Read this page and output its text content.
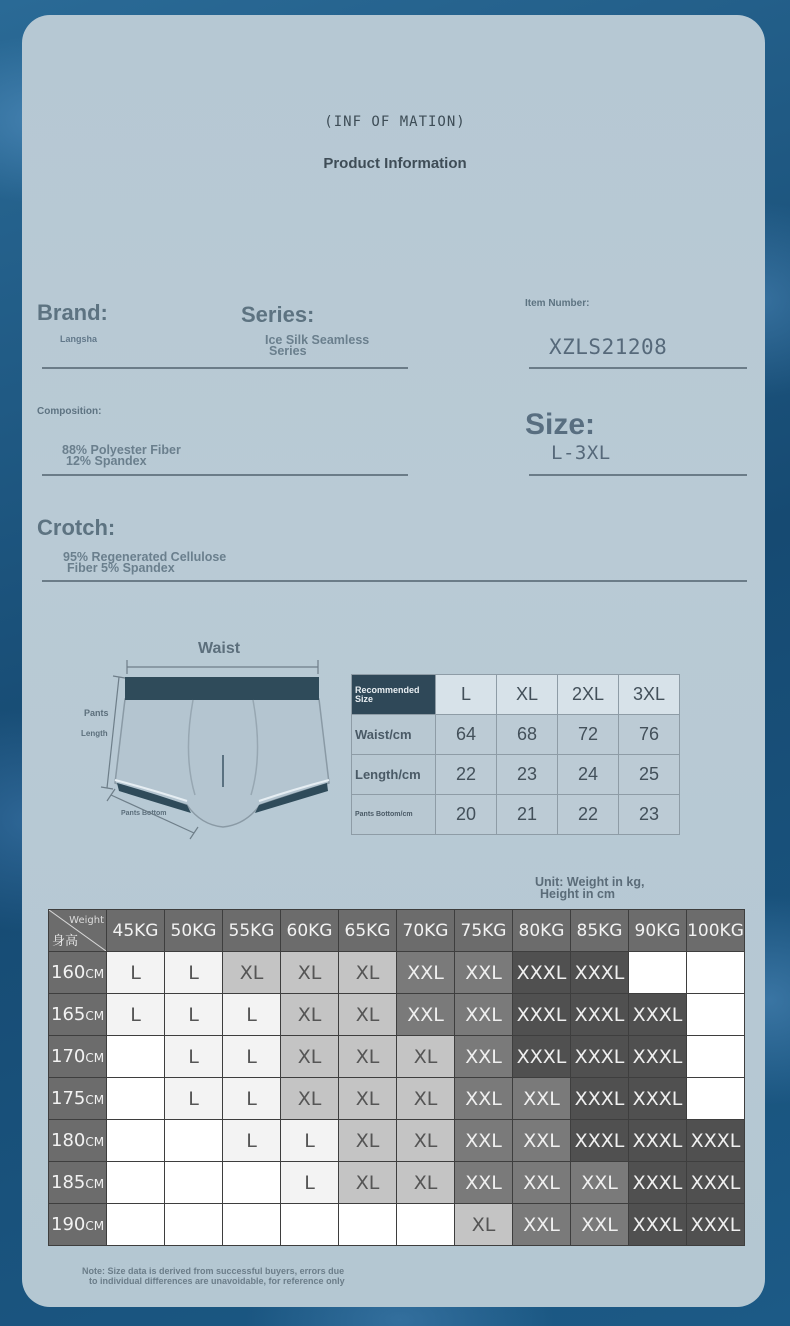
(INF OF MATION)
Product Information
Brand:
Langsha
Series:
Ice Silk Seamless
Series
Item Number:
XZLS21208
Composition:
88% Polyester Fiber
12% Spandex
Size:
L-3XL
Crotch:
95% Regenerated Cellulose
Fiber 5% Spandex
Waist
Pants
Length
Pants Bottom
Recommended
Size	L	XL	2XL	3XL
Waist/cm	64	68	72	76
Length/cm	22	23	24	25
Pants Bottom/cm	20	21	22	23
Unit: Weight in kg,
Height in cm
Weight
身高	45KG	50KG	55KG	60KG	65KG	70KG	75KG	80KG	85KG	90KG	100KG
160CM	L	L	XL	XL	XL	XXL	XXL	XXXL	XXXL		
165CM	L	L	L	XL	XL	XXL	XXL	XXXL	XXXL	XXXL	
170CM		L	L	XL	XL	XL	XXL	XXXL	XXXL	XXXL	
175CM		L	L	XL	XL	XL	XXL	XXL	XXXL	XXXL	
180CM			L	L	XL	XL	XXL	XXL	XXXL	XXXL	XXXL
185CM				L	XL	XL	XXL	XXL	XXL	XXXL	XXXL
190CM							XL	XXL	XXL	XXXL	XXXL
Note: Size data is derived from successful buyers, errors due
to individual differences are unavoidable, for reference only
